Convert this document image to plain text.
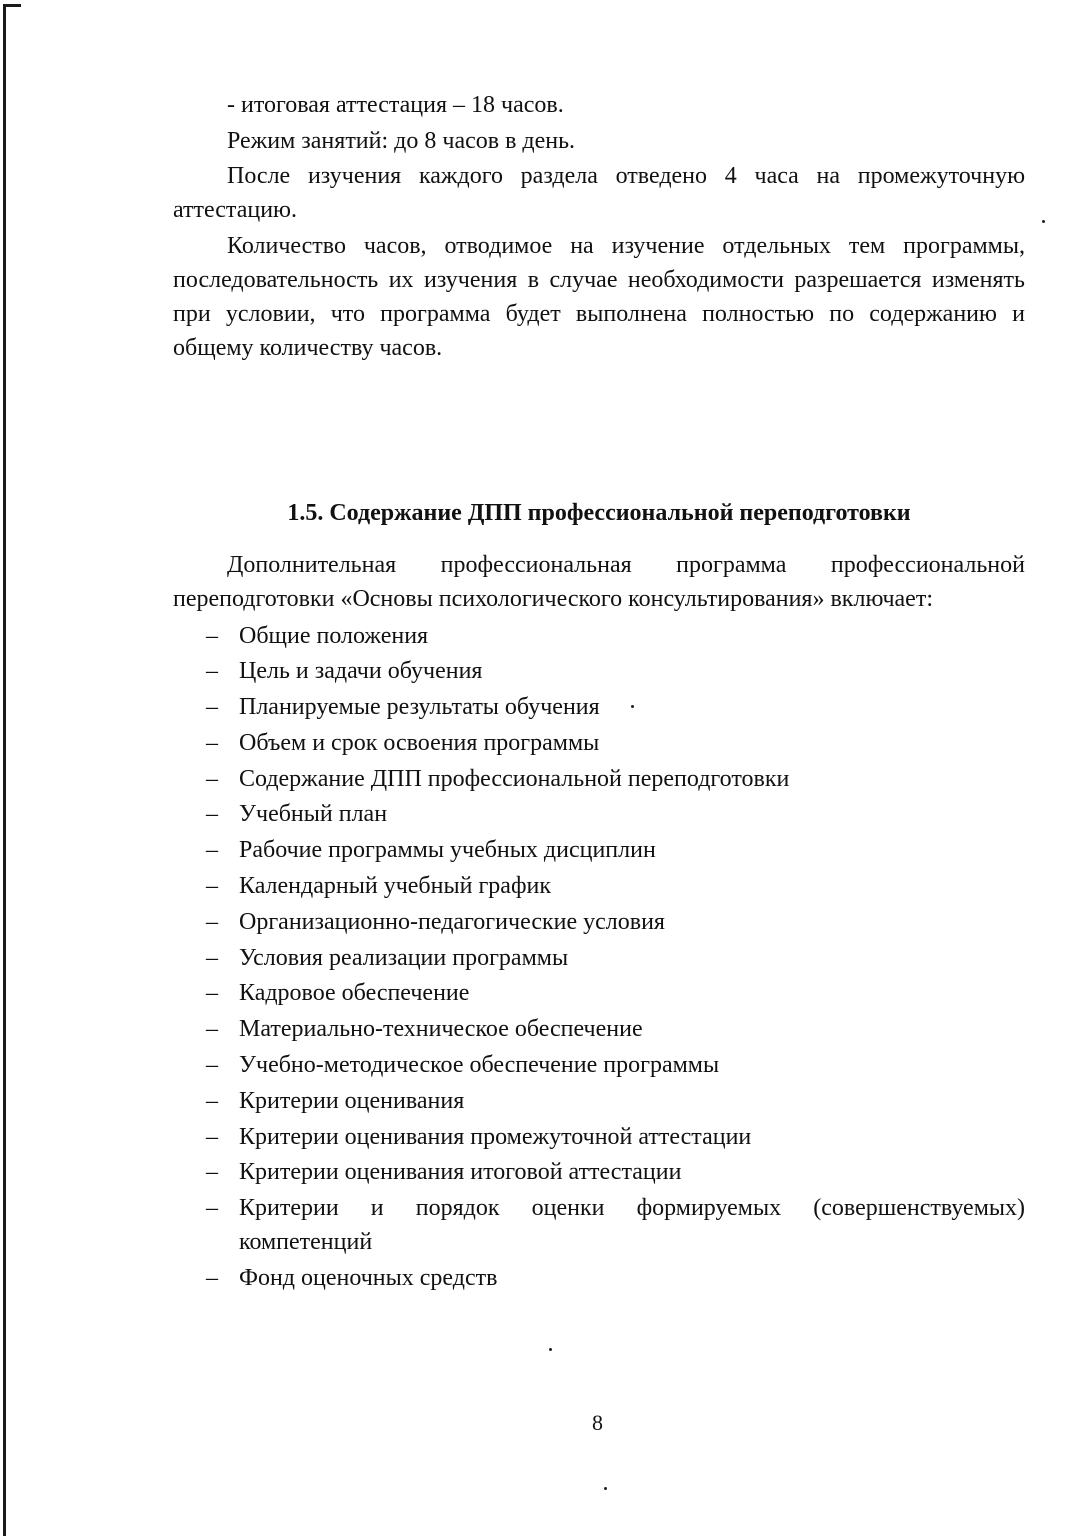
- итоговая аттестация – 18 часов.

Режим занятий: до 8 часов в день.

После изучения каждого раздела отведено 4 часа на промежуточную аттестацию.

Количество часов, отводимое на изучение отдельных тем программы, последовательность их изучения в случае необходимости разрешается изменять при условии, что программа будет выполнена полностью по содержанию и общему количеству часов.

1.5. Содержание ДПП профессиональной переподготовки

Дополнительная профессиональная программа профессиональной переподготовки «Основы психологического консультирования» включает:

– Общие положения
– Цель и задачи обучения
– Планируемые результаты обучения
– Объем и срок освоения программы
– Содержание ДПП профессиональной переподготовки
– Учебный план
– Рабочие программы учебных дисциплин
– Календарный учебный график
– Организационно-педагогические условия
– Условия реализации программы
– Кадровое обеспечение
– Материально-техническое обеспечение
– Учебно-методическое обеспечение программы
– Критерии оценивания
– Критерии оценивания промежуточной аттестации
– Критерии оценивания итоговой аттестации
– Критерии и порядок оценки формируемых (совершенствуемых) компетенций
– Фонд оценочных средств
8
